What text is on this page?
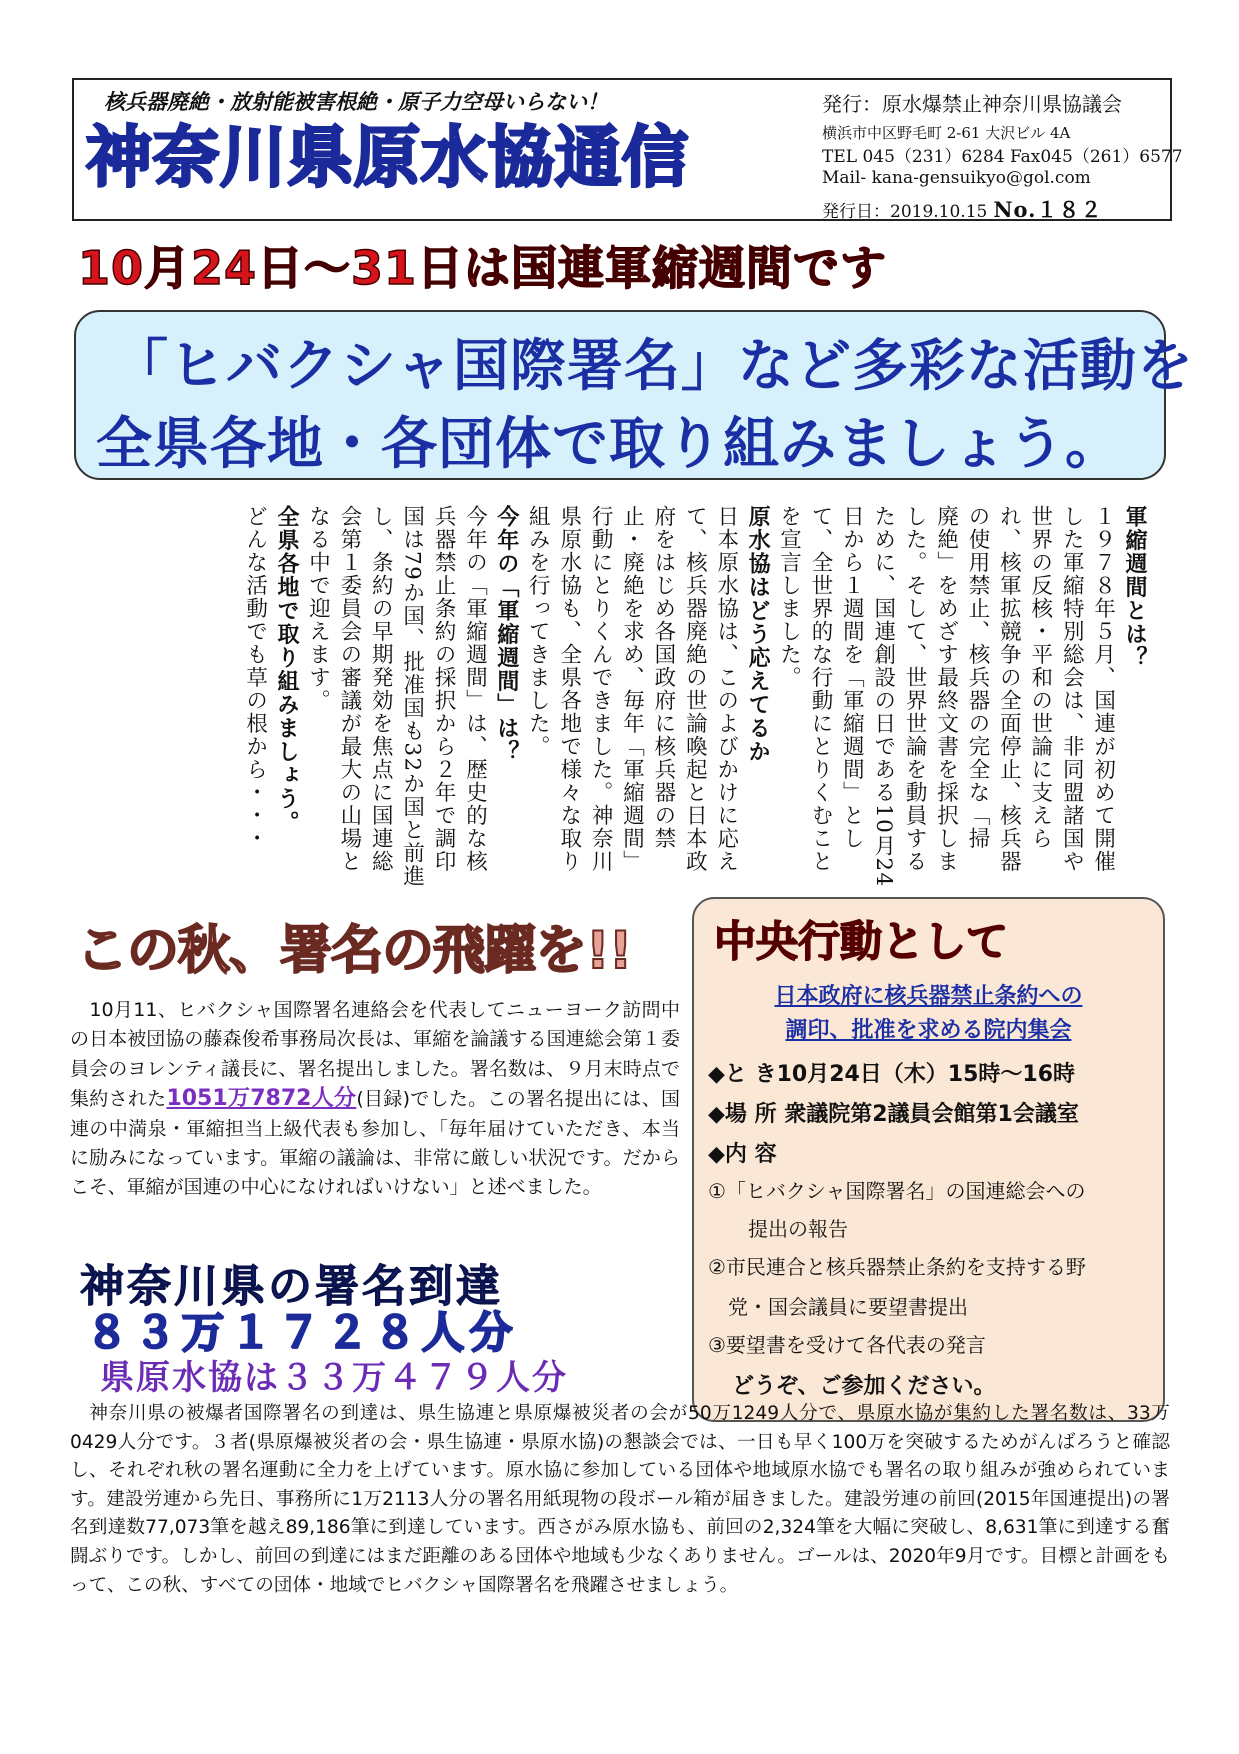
核兵器廃絶・放射能被害根絶・原子力空母いらない！
神奈川県原水協通信
発行：原水爆禁止神奈川県協議会
横浜市中区野毛町 2-61 大沢ビル 4A
TEL 045（231）6284 Fax045（261）6577
Mail- kana-gensuikyo@gol.com
発行日：2019.10.15 No.１８２
10月24日～31日は国連軍縮週間です
「ヒバクシャ国際署名」など多彩な活動を
全県各地・各団体で取り組みましょう。
軍縮週間とは？
１９７８年５月、国連が初めて開催した軍縮特別総会は、非同盟諸国や世界の反核・平和の世論に支えられ、核軍拡競争の全面停止、核兵器の使用禁止、核兵器の完全な「掃　廃絶」をめざす最終文書を採択しました。そして、世界世論を動員するために、国連創設の日である10月24日から１週間を「軍縮週間」として、全世界的な行動にとりくむことを宣言しました。
原水協はどう応えてるか
日本原水協は、このよびかけに応えて、核兵器廃絶の世論喚起と日本政府をはじめ各国政府に核兵器の禁止・廃絶を求め、毎年「軍縮週間」行動にとりくんできました。神奈川県原水協も、全県各地で様々な取り組みを行ってきました。
今年の「軍縮週間」は？
今年の「軍縮週間」は、歴史的な核兵器禁止条約の採択から２年で調印国は79か国、批准国も32か国と前進し、条約の早期発効を焦点に国連総会第１委員会の審議が最大の山場となる中で迎えます。
全県各地で取り組みましょう。
どんな活動でも草の根から・・・
この秋、署名の飛躍を!!

　10月11、ヒバクシャ国際署名連絡会を代表してニューヨーク訪問中の日本被団協の藤森俊希事務局次長は、軍縮を論議する国連総会第１委員会のヨレンティ議長に、署名提出しました。署名数は、９月末時点で集約された1051万7872人分(目録)でした。この署名提出には、国連の中満泉・軍縮担当上級代表も参加し、「毎年届けていただき、本当に励みになっています。軍縮の議論は、非常に厳しい状況です。だからこそ、軍縮が国連の中心になければいけない」と述べました。

神奈川県の署名到達
８３万１７２８人分
県原水協は３３万４７９人分
中央行動として
日本政府に核兵器禁止条約への
調印、批准を求める院内集会
◆と き10月24日（木）15時～16時
◆場 所 衆議院第2議員会館第1会議室
◆内 容
①「ヒバクシャ国際署名」の国連総会への
提出の報告
②市民連合と核兵器禁止条約を支持する野
党・国会議員に要望書提出
③要望書を受けて各代表の発言
どうぞ、ご参加ください。

　神奈川県の被爆者国際署名の到達は、県生協連と県原爆被災者の会が50万1249人分で、県原水協が集約した署名数は、33万0429人分です。３者(県原爆被災者の会・県生協連・県原水協)の懇談会では、一日も早く100万を突破するためがんばろうと確認し、それぞれ秋の署名運動に全力を上げています。原水協に参加している団体や地域原水協でも署名の取り組みが強められています。建設労連から先日、事務所に1万2113人分の署名用紙現物の段ボール箱が届きました。建設労連の前回(2015年国連提出)の署名到達数77,073筆を越え89,186筆に到達しています。西さがみ原水協も、前回の2,324筆を大幅に突破し、8,631筆に到達する奮闘ぶりです。しかし、前回の到達にはまだ距離のある団体や地域も少なくありません。ゴールは、2020年9月です。目標と計画をもって、この秋、すべての団体・地域でヒバクシャ国際署名を飛躍させましょう。
